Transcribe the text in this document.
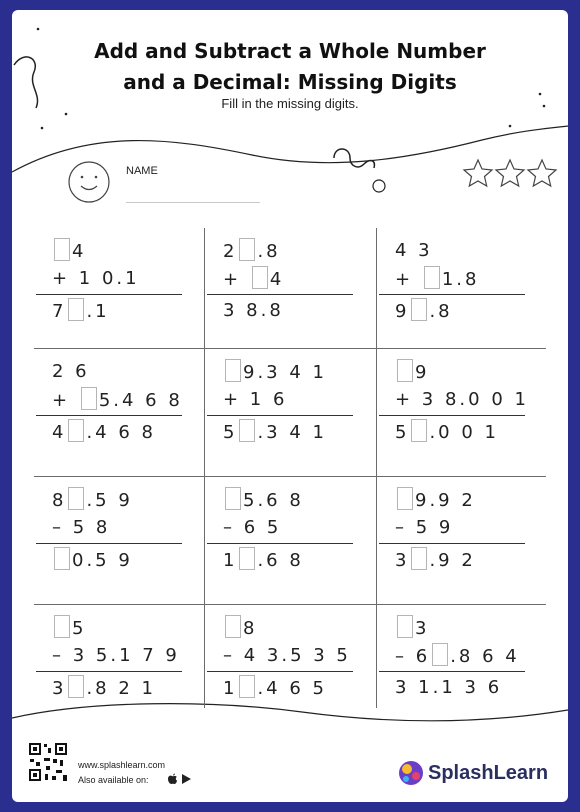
Add and Subtract a Whole Number
and a Decimal: Missing Digits
Fill in the missing digits.
NAME
4
+ 1 0.1
7 .1
2 .8
+ 4
3 8.8
4 3
+ 1.8
9 .8
2 6
+ 5.4 6 8
4 .4 6 8
9.3 4 1
+ 1 6
5 .3 4 1
9
+ 3 8.0 0 1
5 .0 0 1
8 .5 9
– 5 8
0.5 9
5.6 8
– 6 5
1 .6 8
9.9 2
– 5 9
3 .9 2
5
– 3 5.1 7 9
3 .8 2 1
8
– 4 3.5 3 5
1 .4 6 5
3
– 6 .8 6 4
3 1.1 3 6
www.splashlearn.com
Also available on:	SplashLearn
